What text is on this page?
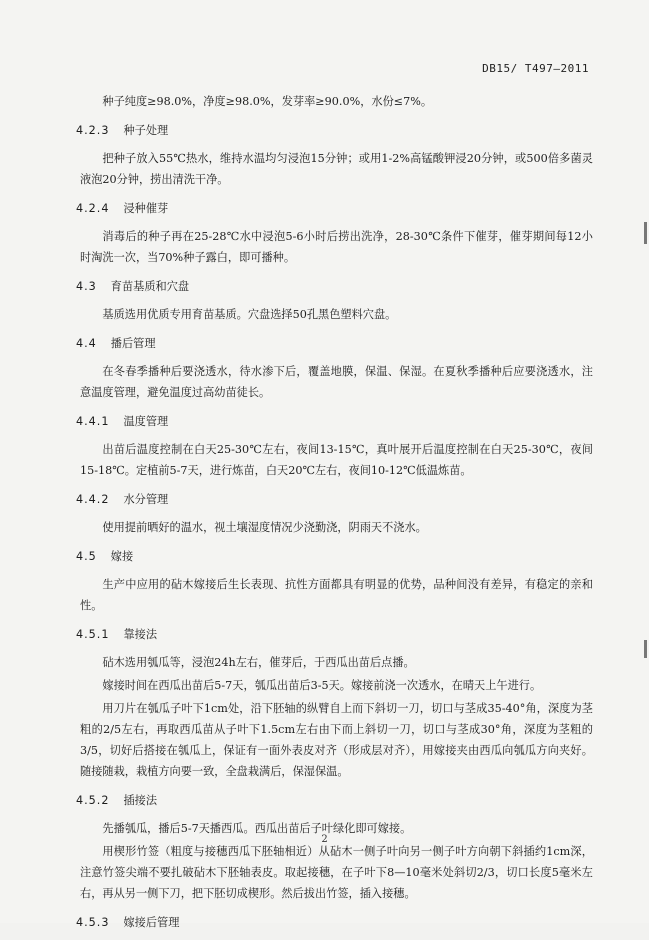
DB15/ T497—2011

种子纯度≥98.0%，净度≥98.0%，发芽率≥90.0%，水份≤7%。

4.2.3 种子处理

把种子放入55℃热水，维持水温均匀浸泡15分钟；或用1-2%高锰酸钾浸20分钟，或500倍多菌灵液泡20分钟，捞出清洗干净。

4.2.4 浸种催芽

消毒后的种子再在25-28℃水中浸泡5-6小时后捞出洗净，28-30℃条件下催芽，催芽期间每12小时淘洗一次，当70%种子露白，即可播种。

4.3 育苗基质和穴盘

基质选用优质专用育苗基质。穴盘选择50孔黑色塑料穴盘。

4.4 播后管理

在冬春季播种后要浇透水，待水渗下后，覆盖地膜，保温、保湿。在夏秋季播种后应要浇透水，注意温度管理，避免温度过高幼苗徒长。

4.4.1 温度管理

出苗后温度控制在白天25-30℃左右，夜间13-15℃，真叶展开后温度控制在白天25-30℃，夜间15-18℃。定植前5-7天，进行炼苗，白天20℃左右，夜间10-12℃低温炼苗。

4.4.2 水分管理

使用提前晒好的温水，视土壤湿度情况少浇勤浇，阴雨天不浇水。

4.5 嫁接

生产中应用的砧木嫁接后生长表现、抗性方面都具有明显的优势，品种间没有差异，有稳定的亲和性。

4.5.1 靠接法

砧木选用瓠瓜等，浸泡24h左右，催芽后，于西瓜出苗后点播。

嫁接时间在西瓜出苗后5-7天，瓠瓜出苗后3-5天。嫁接前浇一次透水，在晴天上午进行。

用刀片在瓠瓜子叶下1cm处，沿下胚轴的纵臂自上而下斜切一刀，切口与茎成35-40°角，深度为茎粗的2/5左右，再取西瓜苗从子叶下1.5cm左右由下而上斜切一刀，切口与茎成30°角，深度为茎粗的3/5，切好后搭接在瓠瓜上，保证有一面外表皮对齐（形成层对齐），用嫁接夹由西瓜向瓠瓜方向夹好。随接随栽，栽植方向要一致，全盘栽满后，保湿保温。

4.5.2 插接法

先播瓠瓜，播后5-7天播西瓜。西瓜出苗后子叶绿化即可嫁接。

用楔形竹签（粗度与接穗西瓜下胚轴相近）从砧木一侧子叶向另一侧子叶方向朝下斜插约1cm深，注意竹签尖端不要扎破砧木下胚轴表皮。取起接穗，在子叶下8—10毫米处斜切2/3，切口长度5毫米左右，再从另一侧下刀，把下胚切成楔形。然后拔出竹签，插入接穗。

4.5.3 嫁接后管理
2
